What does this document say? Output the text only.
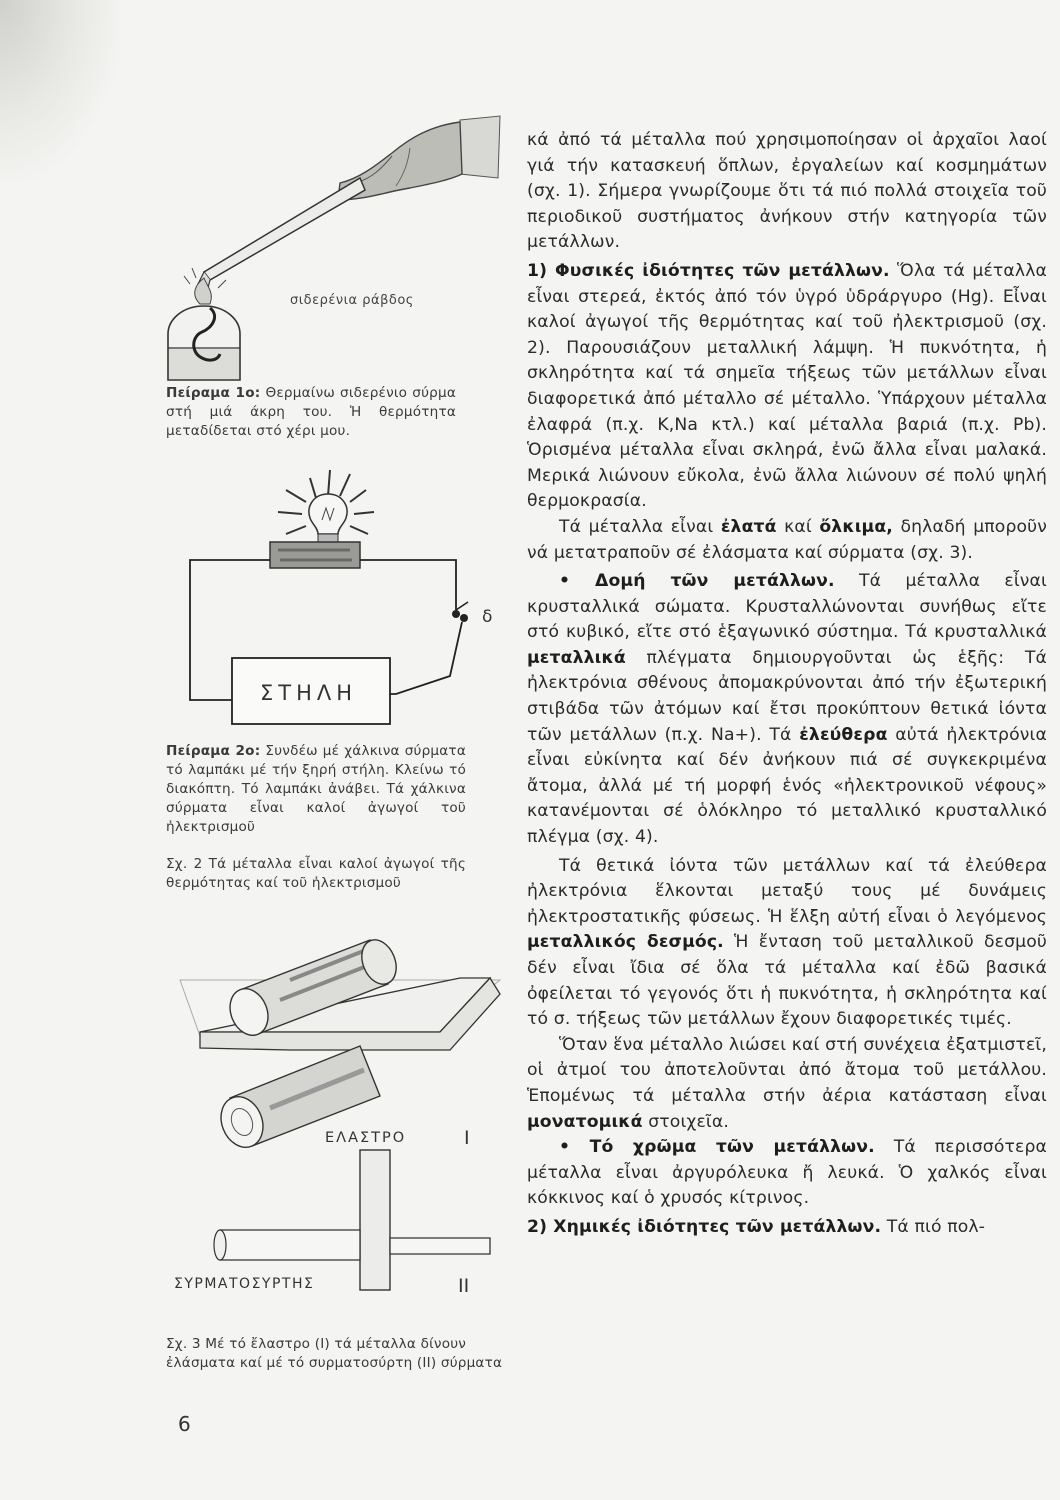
σιδερένια ράβδος
Πείραμα 1ο: Θερμαίνω σιδερένιο σύρμα στή μιά άκρη του. Ἡ θερμότητα μεταδίδεται στό χέρι μου.
δ
ΣΤΗΛΗ
Πείραμα 2ο: Συνδέω μέ χάλκινα σύρματα τό λαμπάκι μέ τήν ξηρή στήλη. Κλείνω τό διακόπτη. Τό λαμπάκι ἀνάβει. Τά χάλκινα σύρματα εἶναι καλοί ἀγωγοί τοῦ ἠλεκτρισμοῦ
Σχ. 2 Τά μέταλλα εἶναι καλοί ἀγωγοί τῆς θερμότητας καί τοῦ ἠλεκτρισμοῦ
ΕΛΑΣΤΡΟ	I
ΣΥΡΜΑΤΟΣΥΡΤΗΣ	II
Σχ. 3 Μέ τό ἔλαστρο (I) τά μέταλλα δίνουν ἐλάσματα καί μέ τό συρματοσύρτη (II) σύρματα
6

κά ἀπό τά μέταλλα πού χρησιμοποίησαν οἱ ἀρχαῖοι λαοί γιά τήν κατασκευή ὅπλων, ἐργαλείων καί κοσμημάτων (σχ. 1). Σήμερα γνωρίζουμε ὅτι τά πιό πολλά στοιχεῖα τοῦ περιοδικοῦ συστήματος ἀνήκουν στήν κατηγορία τῶν μετάλλων.

1) Φυσικές ἰδιότητες τῶν μετάλλων. Ὅλα τά μέταλλα εἶναι στερεά, ἐκτός ἀπό τόν ὑγρό ὑδράργυρο (Hg). Εἶναι καλοί ἀγωγοί τῆς θερμότητας καί τοῦ ἠλεκτρισμοῦ (σχ. 2). Παρουσιάζουν μεταλλική λάμψη. Ἡ πυκνότητα, ἡ σκληρότητα καί τά σημεῖα τήξεως τῶν μετάλλων εἶναι διαφορετικά ἀπό μέταλλο σέ μέταλλο. Ὑπάρχουν μέταλλα ἐλαφρά (π.χ. K,Na κτλ.) καί μέταλλα βαριά (π.χ. Pb). Ὁρισμένα μέταλλα εἶναι σκληρά, ἐνῶ ἄλλα εἶναι μαλακά. Μερικά λιώνουν εὔκολα, ἐνῶ ἄλλα λιώνουν σέ πολύ ψηλή θερμοκρασία.

Τά μέταλλα εἶναι ἐλατά καί ὄλκιμα, δηλαδή μποροῦν νά μετατραποῦν σέ ἐλάσματα καί σύρματα (σχ. 3).

• Δομή τῶν μετάλλων. Τά μέταλλα εἶναι κρυσταλλικά σώματα. Κρυσταλλώνονται συνήθως εἴτε στό κυβικό, εἴτε στό ἑξαγωνικό σύστημα. Τά κρυσταλλικά μεταλλικά πλέγματα δημιουργοῦνται ὡς ἑξῆς: Τά ἠλεκτρόνια σθένους ἀπομακρύνονται ἀπό τήν ἐξωτερική στιβάδα τῶν ἀτόμων καί ἔτσι προκύπτουν θετικά ἰόντα τῶν μετάλλων (π.χ. Na+). Τά ἐλεύθερα αὐτά ἠλεκτρόνια εἶναι εὐκίνητα καί δέν ἀνήκουν πιά σέ συγκεκριμένα ἄτομα, ἀλλά μέ τή μορφή ἑνός «ἠλεκτρονικοῦ νέφους» κατανέμονται σέ ὁλόκληρο τό μεταλλικό κρυσταλλικό πλέγμα (σχ. 4).

Τά θετικά ἰόντα τῶν μετάλλων καί τά ἐλεύθερα ἠλεκτρόνια ἕλκονται μεταξύ τους μέ δυνάμεις ἠλεκτροστατικῆς φύσεως. Ἡ ἕλξη αὐτή εἶναι ὁ λεγόμενος μεταλλικός δεσμός. Ἡ ἔνταση τοῦ μεταλλικοῦ δεσμοῦ δέν εἶναι ἴδια σέ ὅλα τά μέταλλα καί ἐδῶ βασικά ὀφείλεται τό γεγονός ὅτι ἡ πυκνότητα, ἡ σκληρότητα καί τό σ. τήξεως τῶν μετάλλων ἔχουν διαφορετικές τιμές.

Ὅταν ἕνα μέταλλο λιώσει καί στή συνέχεια ἐξατμιστεῖ, οἱ ἀτμοί του ἀποτελοῦνται ἀπό ἄτομα τοῦ μετάλλου. Ἑπομένως τά μέταλλα στήν ἀέρια κατάσταση εἶναι μονατομικά στοιχεῖα.

• Τό χρῶμα τῶν μετάλλων. Τά περισσότερα μέταλλα εἶναι ἀργυρόλευκα ἤ λευκά. Ὁ χαλκός εἶναι κόκκινος καί ὁ χρυσός κίτρινος.

2) Χημικές ἰδιότητες τῶν μετάλλων. Τά πιό πολ-
